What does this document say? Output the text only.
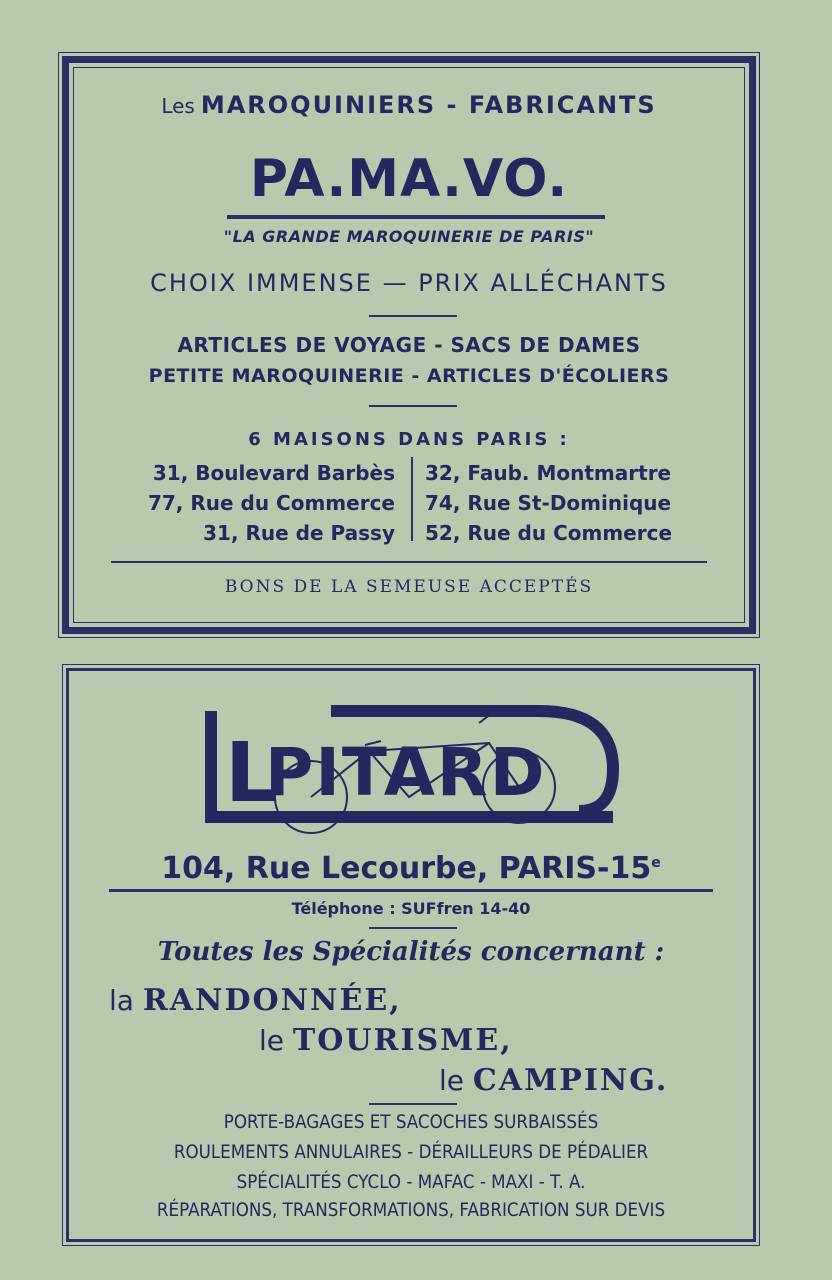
Les MAROQUINIERS - FABRICANTS
PA.MA.VO.
"LA GRANDE MAROQUINERIE DE PARIS"
CHOIX IMMENSE — PRIX ALLÉCHANTS
ARTICLES DE VOYAGE - SACS DE DAMES
PETITE MAROQUINERIE - ARTICLES D'ÉCOLIERS
6 MAISONS DANS PARIS :
31, Boulevard Barbès
77, Rue du Commerce
31, Rue de Passy
32, Faub. Montmartre
74, Rue St-Dominique
52, Rue du Commerce
BONS DE LA SEMEUSE ACCEPTÉS
L
PITARD
104, Rue Lecourbe, PARIS-15e
Téléphone : SUFfren 14-40
Toutes les Spécialités concernant :
la RANDONNÉE,
le TOURISME,
le CAMPING.
PORTE-BAGAGES ET SACOCHES SURBAISSÉS
ROULEMENTS ANNULAIRES - DÉRAILLEURS DE PÉDALIER
SPÉCIALITÉS CYCLO - MAFAC - MAXI - T. A.
RÉPARATIONS, TRANSFORMATIONS, FABRICATION SUR DEVIS
